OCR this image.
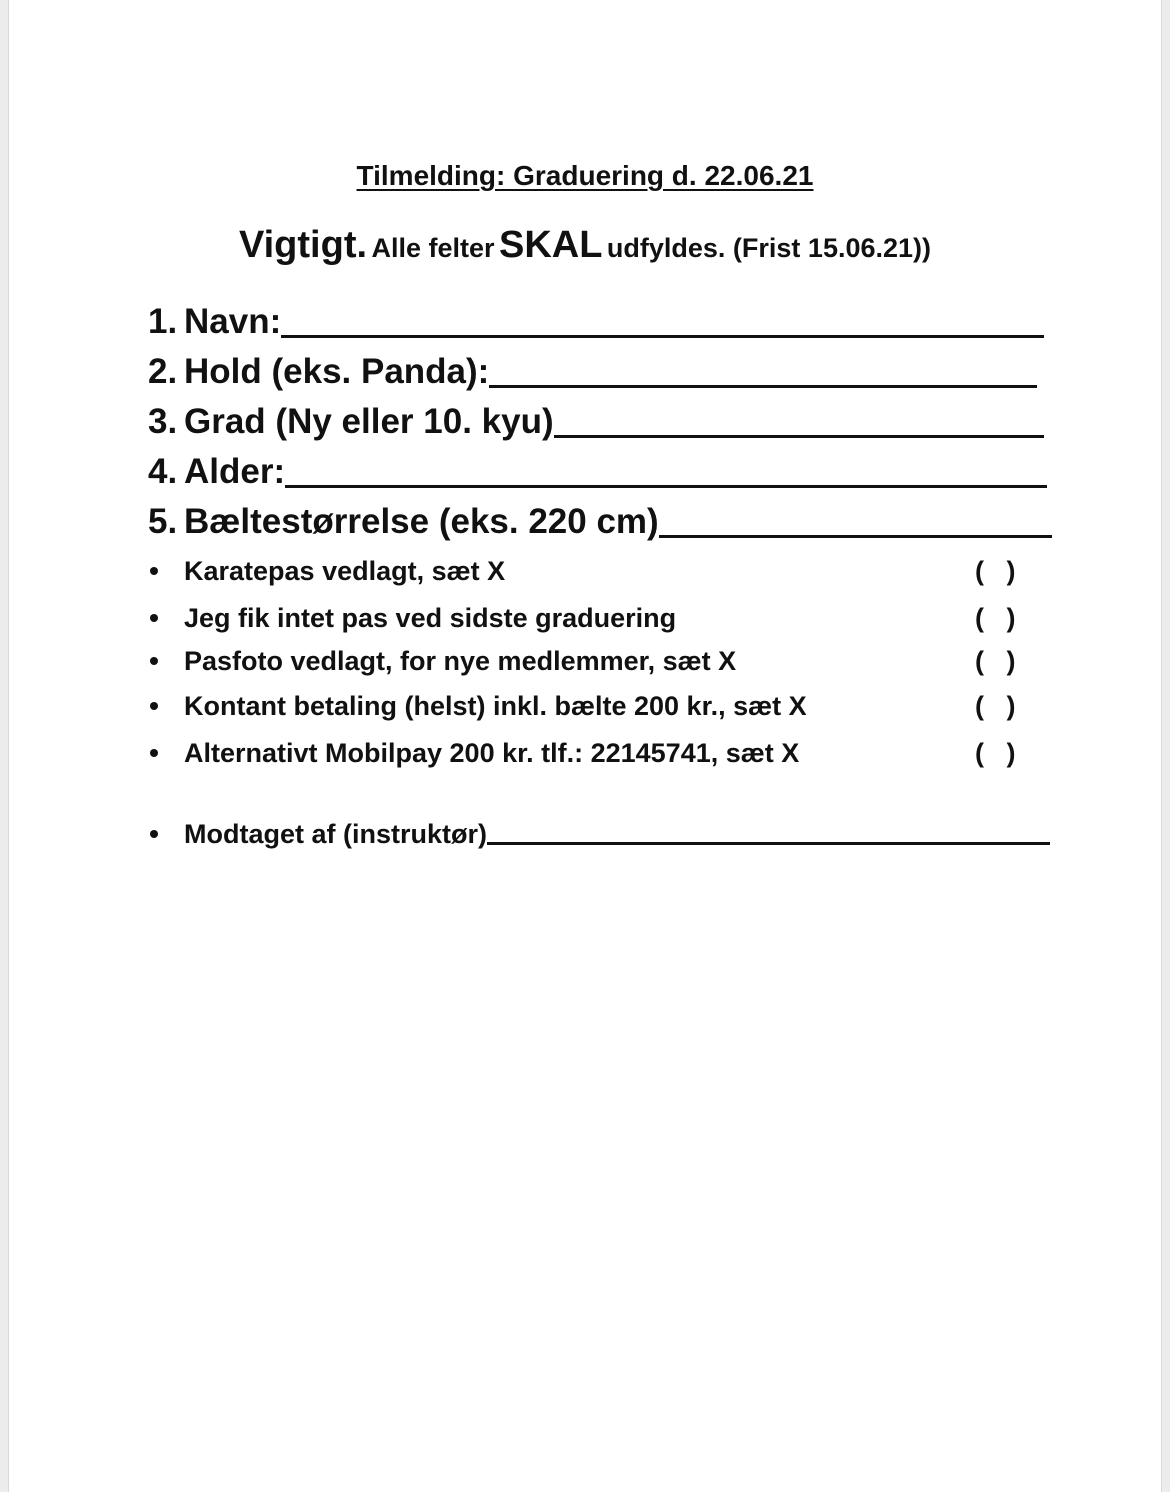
Tilmelding: Graduering d. 22.06.21
Vigtigt. Alle felter SKAL udfyldes. (Frist 15.06.21))
1. Navn:
2. Hold (eks. Panda):
3. Grad (Ny eller 10. kyu)
4. Alder:
5. Bæltestørrelse (eks. 220 cm)
Karatepas vedlagt, sæt X	(   )
Jeg fik intet pas ved sidste graduering	(   )
Pasfoto vedlagt, for nye medlemmer, sæt X	(   )
Kontant betaling (helst) inkl. bælte 200 kr., sæt X	(   )
Alternativt Mobilpay 200 kr. tlf.: 22145741, sæt X	(   )
Modtaget af (instruktør)
